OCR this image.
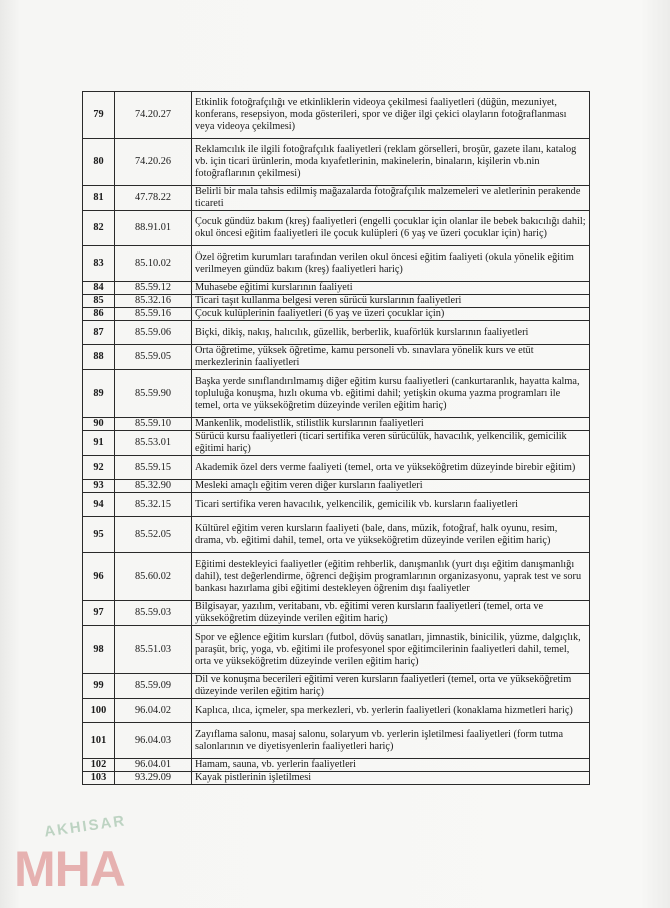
79	74.20.27	Etkinlik fotoğrafçılığı ve etkinliklerin videoya çekilmesi faaliyetleri (düğün, mezuniyet, konferans, resepsiyon, moda gösterileri, spor ve diğer ilgi çekici olayların fotoğraflanması veya videoya çekilmesi)
80	74.20.26	Reklamcılık ile ilgili fotoğrafçılık faaliyetleri (reklam görselleri, broşür, gazete ilanı, katalog vb. için ticari ürünlerin, moda kıyafetlerinin, makinelerin, binaların, kişilerin vb.nin fotoğraflarının çekilmesi)
81	47.78.22	Belirli bir mala tahsis edilmiş mağazalarda fotoğrafçılık malzemeleri ve aletlerinin perakende ticareti
82	88.91.01	Çocuk gündüz bakım (kreş) faaliyetleri (engelli çocuklar için olanlar ile bebek bakıcılığı dahil; okul öncesi eğitim faaliyetleri ile çocuk kulüpleri (6 yaş ve üzeri çocuklar için) hariç)
83	85.10.02	Özel öğretim kurumları tarafından verilen okul öncesi eğitim faaliyeti (okula yönelik eğitim verilmeyen gündüz bakım (kreş) faaliyetleri hariç)
84	85.59.12	Muhasebe eğitimi kurslarının faaliyeti
85	85.32.16	Ticari taşıt kullanma belgesi veren sürücü kurslarının faaliyetleri
86	85.59.16	Çocuk kulüplerinin faaliyetleri (6 yaş ve üzeri çocuklar için)
87	85.59.06	Biçki, dikiş, nakış, halıcılık, güzellik, berberlik, kuaförlük kurslarının faaliyetleri
88	85.59.05	Orta öğretime, yüksek öğretime, kamu personeli vb. sınavlara yönelik kurs ve etüt merkezlerinin faaliyetleri
89	85.59.90	Başka yerde sınıflandırılmamış diğer eğitim kursu faaliyetleri (cankurtaranlık, hayatta kalma, topluluğa konuşma, hızlı okuma vb. eğitimi dahil; yetişkin okuma yazma programları ile temel, orta ve yükseköğretim düzeyinde verilen eğitim hariç)
90	85.59.10	Mankenlik, modelistlik, stilistlik kurslarının faaliyetleri
91	85.53.01	Sürücü kursu faaliyetleri (ticari sertifika veren sürücülük, havacılık, yelkencilik, gemicilik eğitimi hariç)
92	85.59.15	Akademik özel ders verme faaliyeti (temel, orta ve yükseköğretim düzeyinde birebir eğitim)
93	85.32.90	Mesleki amaçlı eğitim veren diğer kursların faaliyetleri
94	85.32.15	Ticari sertifika veren havacılık, yelkencilik, gemicilik vb. kursların faaliyetleri
95	85.52.05	Kültürel eğitim veren kursların faaliyeti (bale, dans, müzik, fotoğraf, halk oyunu, resim, drama, vb. eğitimi dahil, temel, orta ve yükseköğretim düzeyinde verilen eğitim hariç)
96	85.60.02	Eğitimi destekleyici faaliyetler (eğitim rehberlik, danışmanlık (yurt dışı eğitim danışmanlığı dahil), test değerlendirme, öğrenci değişim programlarının organizasyonu, yaprak test ve soru bankası hazırlama gibi eğitimi destekleyen öğrenim dışı faaliyetler
97	85.59.03	Bilgisayar, yazılım, veritabanı, vb. eğitimi veren kursların faaliyetleri (temel, orta ve yükseköğretim düzeyinde verilen eğitim hariç)
98	85.51.03	Spor ve eğlence eğitim kursları (futbol, dövüş sanatları, jimnastik, binicilik, yüzme, dalgıçlık, paraşüt, briç, yoga, vb. eğitimi ile profesyonel spor eğitimcilerinin faaliyetleri dahil, temel, orta ve yükseköğretim düzeyinde verilen eğitim hariç)
99	85.59.09	Dil ve konuşma becerileri eğitimi veren kursların faaliyetleri (temel, orta ve yükseköğretim düzeyinde verilen eğitim hariç)
100	96.04.02	Kaplıca, ılıca, içmeler, spa merkezleri, vb. yerlerin faaliyetleri (konaklama hizmetleri hariç)
101	96.04.03	Zayıflama salonu, masaj salonu, solaryum vb. yerlerin işletilmesi faaliyetleri (form tutma salonlarının ve diyetisyenlerin faaliyetleri hariç)
102	96.04.01	Hamam, sauna, vb. yerlerin faaliyetleri
103	93.29.09	Kayak pistlerinin işletilmesi
AKHISAR
MHA
